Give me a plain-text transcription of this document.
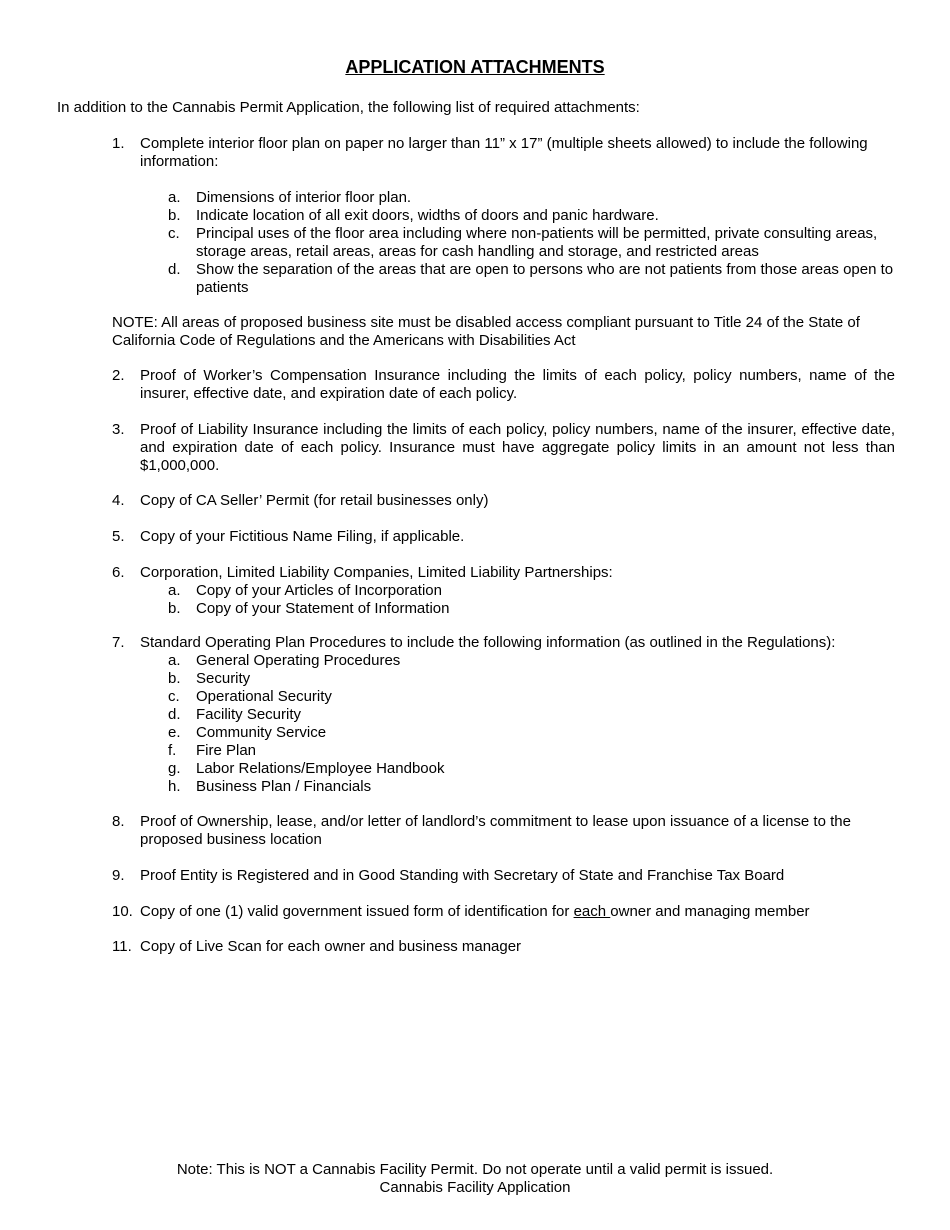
APPLICATION ATTACHMENTS
In addition to the Cannabis Permit Application, the following list of required attachments:
1.	Complete interior floor plan on paper no larger than 11” x 17” (multiple sheets allowed) to include the following information:
a.	Dimensions of interior floor plan.
b.	Indicate location of all exit doors, widths of doors and panic hardware.
c.	Principal uses of the floor area including where non-patients will be permitted, private consulting areas, storage areas, retail areas, areas for cash handling and storage, and restricted areas
d.	Show the separation of the areas that are open to persons who are not patients from those areas open to patients
NOTE: All areas of proposed business site must be disabled access compliant pursuant to Title 24 of the State of California Code of Regulations and the Americans with Disabilities Act
2.	Proof of Worker’s Compensation Insurance including the limits of each policy, policy numbers, name of the insurer, effective date, and expiration date of each policy.
3.	Proof of Liability Insurance including the limits of each policy, policy numbers, name of the insurer, effective date, and expiration date of each policy. Insurance must have aggregate policy limits in an amount not less than $1,000,000.
4.	Copy of CA Seller’ Permit (for retail businesses only)
5.	Copy of your Fictitious Name Filing, if applicable.
6.	Corporation, Limited Liability Companies, Limited Liability Partnerships:
a.	Copy of your Articles of Incorporation
b.	Copy of your Statement of Information
7.	Standard Operating Plan Procedures to include the following information (as outlined in the Regulations):
a.	General Operating Procedures
b.	Security
c.	Operational Security
d.	Facility Security
e.	Community Service
f.	Fire Plan
g.	Labor Relations/Employee Handbook
h.	Business Plan / Financials
8.	Proof of Ownership, lease, and/or letter of landlord’s commitment to lease upon issuance of a license to the proposed business location
9.	Proof Entity is Registered and in Good Standing with Secretary of State and Franchise Tax Board
10. Copy of one (1) valid government issued form of identification for each owner and managing member
11. Copy of Live Scan for each owner and business manager
Note: This is NOT a Cannabis Facility Permit. Do not operate until a valid permit is issued.
Cannabis Facility Application
